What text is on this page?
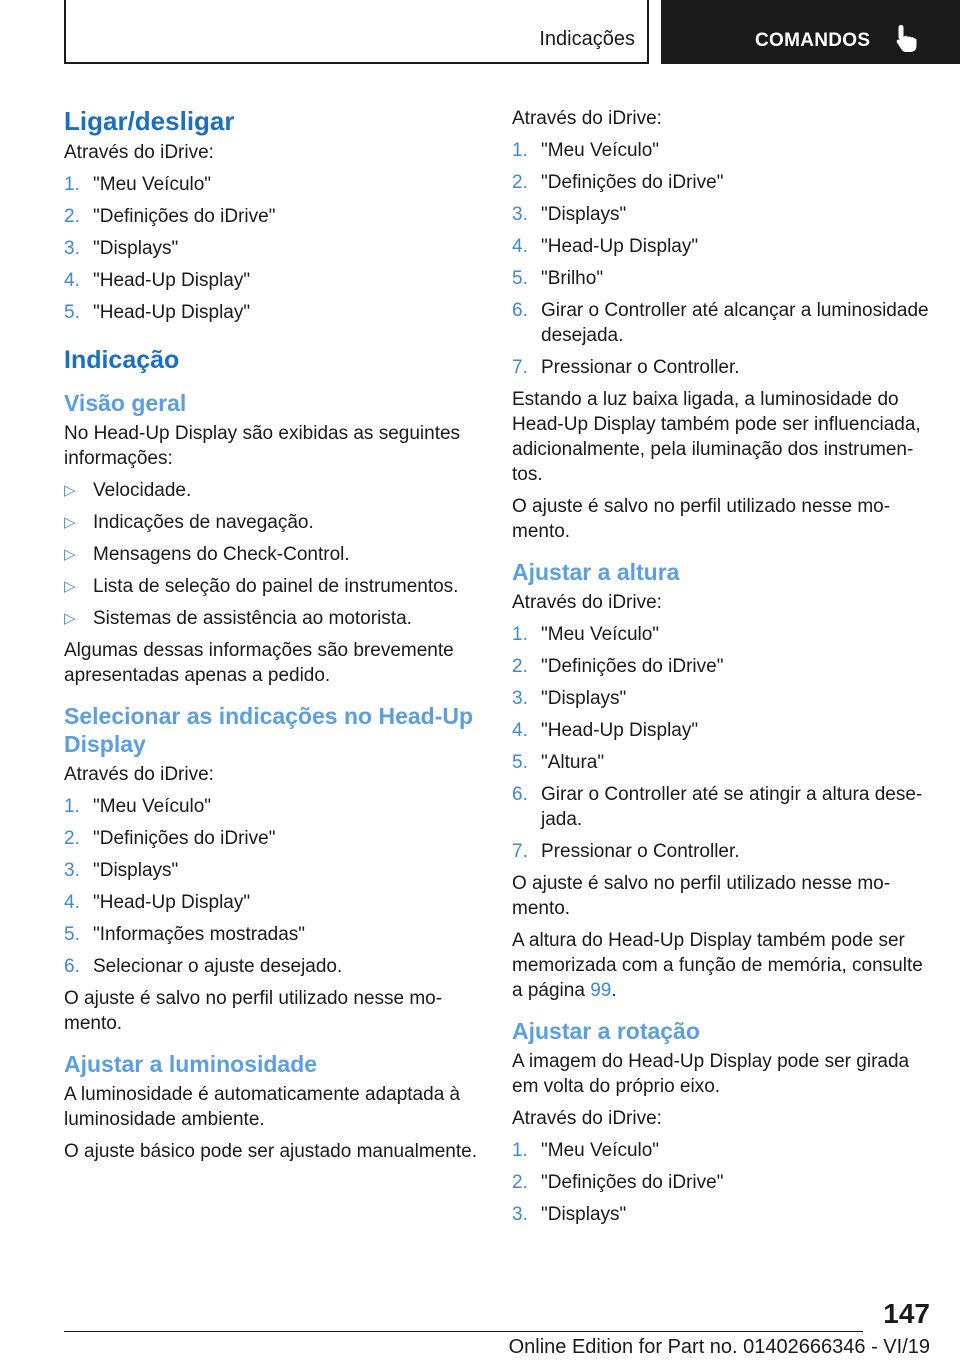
Indicações	COMANDOS
Ligar/desligar

Através do iDrive:

1. "Meu Veículo"
2. "Definições do iDrive"
3. "Displays"
4. "Head-Up Display"
5. "Head-Up Display"
Indicação
Visão geral

No Head-Up Display são exibidas as seguintes informações:

▷ Velocidade.
▷ Indicações de navegação.
▷ Mensagens do Check-Control.
▷ Lista de seleção do painel de instrumentos.
▷ Sistemas de assistência ao motorista.

Algumas dessas informações são brevemente apresentadas apenas a pedido.

Selecionar as indicações no Head-Up Display

Através do iDrive:

1. "Meu Veículo"
2. "Definições do iDrive"
3. "Displays"
4. "Head-Up Display"
5. "Informações mostradas"
6. Selecionar o ajuste desejado.

O ajuste é salvo no perfil utilizado nesse mo-mento.

Ajustar a luminosidade

A luminosidade é automaticamente adaptada à luminosidade ambiente.

O ajuste básico pode ser ajustado manualmente.

Através do iDrive:

1. "Meu Veículo"
2. "Definições do iDrive"
3. "Displays"
4. "Head-Up Display"
5. "Brilho"
6. Girar o Controller até alcançar a luminosidade desejada.
7. Pressionar o Controller.

Estando a luz baixa ligada, a luminosidade do Head-Up Display também pode ser influenciada, adicionalmente, pela iluminação dos instrumen-tos.

O ajuste é salvo no perfil utilizado nesse mo-mento.

Ajustar a altura

Através do iDrive:

1. "Meu Veículo"
2. "Definições do iDrive"
3. "Displays"
4. "Head-Up Display"
5. "Altura"
6. Girar o Controller até se atingir a altura dese-jada.
7. Pressionar o Controller.

O ajuste é salvo no perfil utilizado nesse mo-mento.

A altura do Head-Up Display também pode ser memorizada com a função de memória, consulte a página 99.

Ajustar a rotação

A imagem do Head-Up Display pode ser girada em volta do próprio eixo.

Através do iDrive:

1. "Meu Veículo"
2. "Definições do iDrive"
3. "Displays"
147
Online Edition for Part no. 01402666346 - VI/19
